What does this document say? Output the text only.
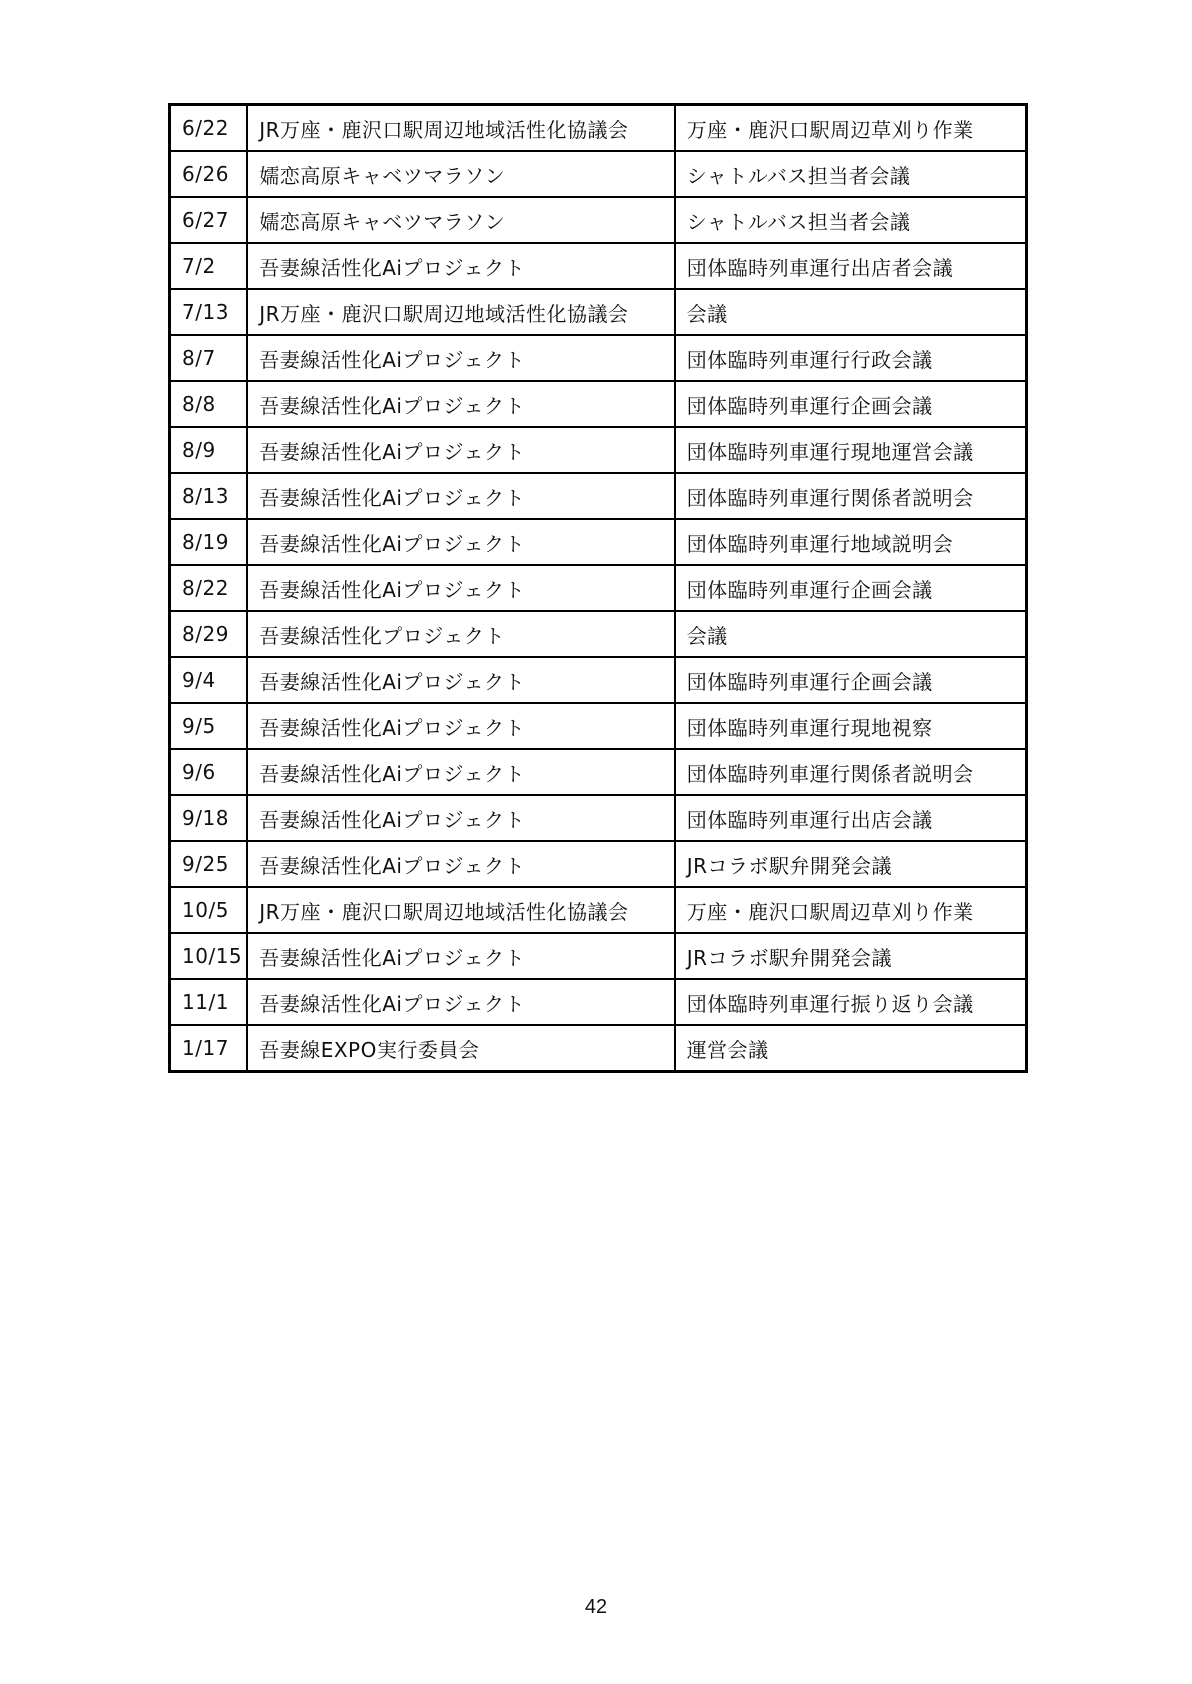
6/22	JR万座・鹿沢口駅周辺地域活性化協議会	万座・鹿沢口駅周辺草刈り作業
6/26	嬬恋高原キャベツマラソン	シャトルバス担当者会議
6/27	嬬恋高原キャベツマラソン	シャトルバス担当者会議
7/2	吾妻線活性化Aiプロジェクト	団体臨時列車運行出店者会議
7/13	JR万座・鹿沢口駅周辺地域活性化協議会	会議
8/7	吾妻線活性化Aiプロジェクト	団体臨時列車運行行政会議
8/8	吾妻線活性化Aiプロジェクト	団体臨時列車運行企画会議
8/9	吾妻線活性化Aiプロジェクト	団体臨時列車運行現地運営会議
8/13	吾妻線活性化Aiプロジェクト	団体臨時列車運行関係者説明会
8/19	吾妻線活性化Aiプロジェクト	団体臨時列車運行地域説明会
8/22	吾妻線活性化Aiプロジェクト	団体臨時列車運行企画会議
8/29	吾妻線活性化プロジェクト	会議
9/4	吾妻線活性化Aiプロジェクト	団体臨時列車運行企画会議
9/5	吾妻線活性化Aiプロジェクト	団体臨時列車運行現地視察
9/6	吾妻線活性化Aiプロジェクト	団体臨時列車運行関係者説明会
9/18	吾妻線活性化Aiプロジェクト	団体臨時列車運行出店会議
9/25	吾妻線活性化Aiプロジェクト	JRコラボ駅弁開発会議
10/5	JR万座・鹿沢口駅周辺地域活性化協議会	万座・鹿沢口駅周辺草刈り作業
10/15	吾妻線活性化Aiプロジェクト	JRコラボ駅弁開発会議
11/1	吾妻線活性化Aiプロジェクト	団体臨時列車運行振り返り会議
1/17	吾妻線EXPO実行委員会	運営会議
42
